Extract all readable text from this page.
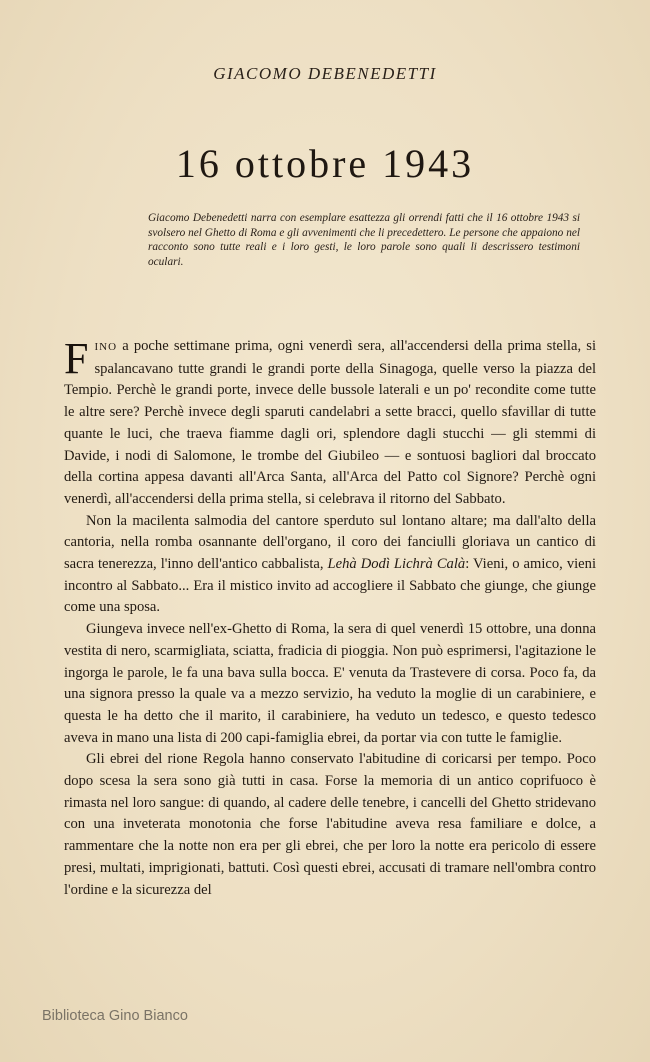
GIACOMO DEBENEDETTI
16 ottobre 1943
Giacomo Debenedetti narra con esemplare esattezza gli orrendi fatti che il 16 ottobre 1943 si svolsero nel Ghetto di Roma e gli avvenimenti che li precedettero. Le persone che appaiono nel racconto sono tutte reali e i loro gesti, le loro parole sono quali li descrissero testimoni oculari.

FINO a poche settimane prima, ogni venerdì sera, all'accendersi della prima stella, si spalancavano tutte grandi le grandi porte della Sinagoga, quelle verso la piazza del Tempio. Perchè le grandi porte, invece delle bussole laterali e un po' recondite come tutte le altre sere? Perchè invece degli sparuti candelabri a sette bracci, quello sfavillar di tutte quante le luci, che traeva fiamme dagli ori, splendore dagli stucchi — gli stemmi di Davide, i nodi di Salomone, le trombe del Giubileo — e sontuosi bagliori dal broccato della cortina appesa davanti all'Arca Santa, all'Arca del Patto col Signore? Perchè ogni venerdì, all'accendersi della prima stella, si celebrava il ritorno del Sabbato.

Non la macilenta salmodia del cantore sperduto sul lontano altare; ma dall'alto della cantoria, nella romba osannante dell'organo, il coro dei fanciulli gloriava un cantico di sacra tenerezza, l'inno dell'antico cabbalista, Lehà Dodì Lichrà Calà: Vieni, o amico, vieni incontro al Sabbato... Era il mistico invito ad accogliere il Sabbato che giunge, che giunge come una sposa.

Giungeva invece nell'ex-Ghetto di Roma, la sera di quel venerdì 15 ottobre, una donna vestita di nero, scarmigliata, sciatta, fradicia di pioggia. Non può esprimersi, l'agitazione le ingorga le parole, le fa una bava sulla bocca. E' venuta da Trastevere di corsa. Poco fa, da una signora presso la quale va a mezzo servizio, ha veduto la moglie di un carabiniere, e questa le ha detto che il marito, il carabiniere, ha veduto un tedesco, e questo tedesco aveva in mano una lista di 200 capi-famiglia ebrei, da portar via con tutte le famiglie.

Gli ebrei del rione Regola hanno conservato l'abitudine di coricarsi per tempo. Poco dopo scesa la sera sono già tutti in casa. Forse la memoria di un antico coprifuoco è rimasta nel loro sangue: di quando, al cadere delle tenebre, i cancelli del Ghetto stridevano con una inveterata monotonia che forse l'abitudine aveva resa familiare e dolce, a rammentare che la notte non era per gli ebrei, che per loro la notte era pericolo di essere presi, multati, imprigionati, battuti. Così questi ebrei, accusati di tramare nell'ombra contro l'ordine e la sicurezza del

Biblioteca Gino Bianco
